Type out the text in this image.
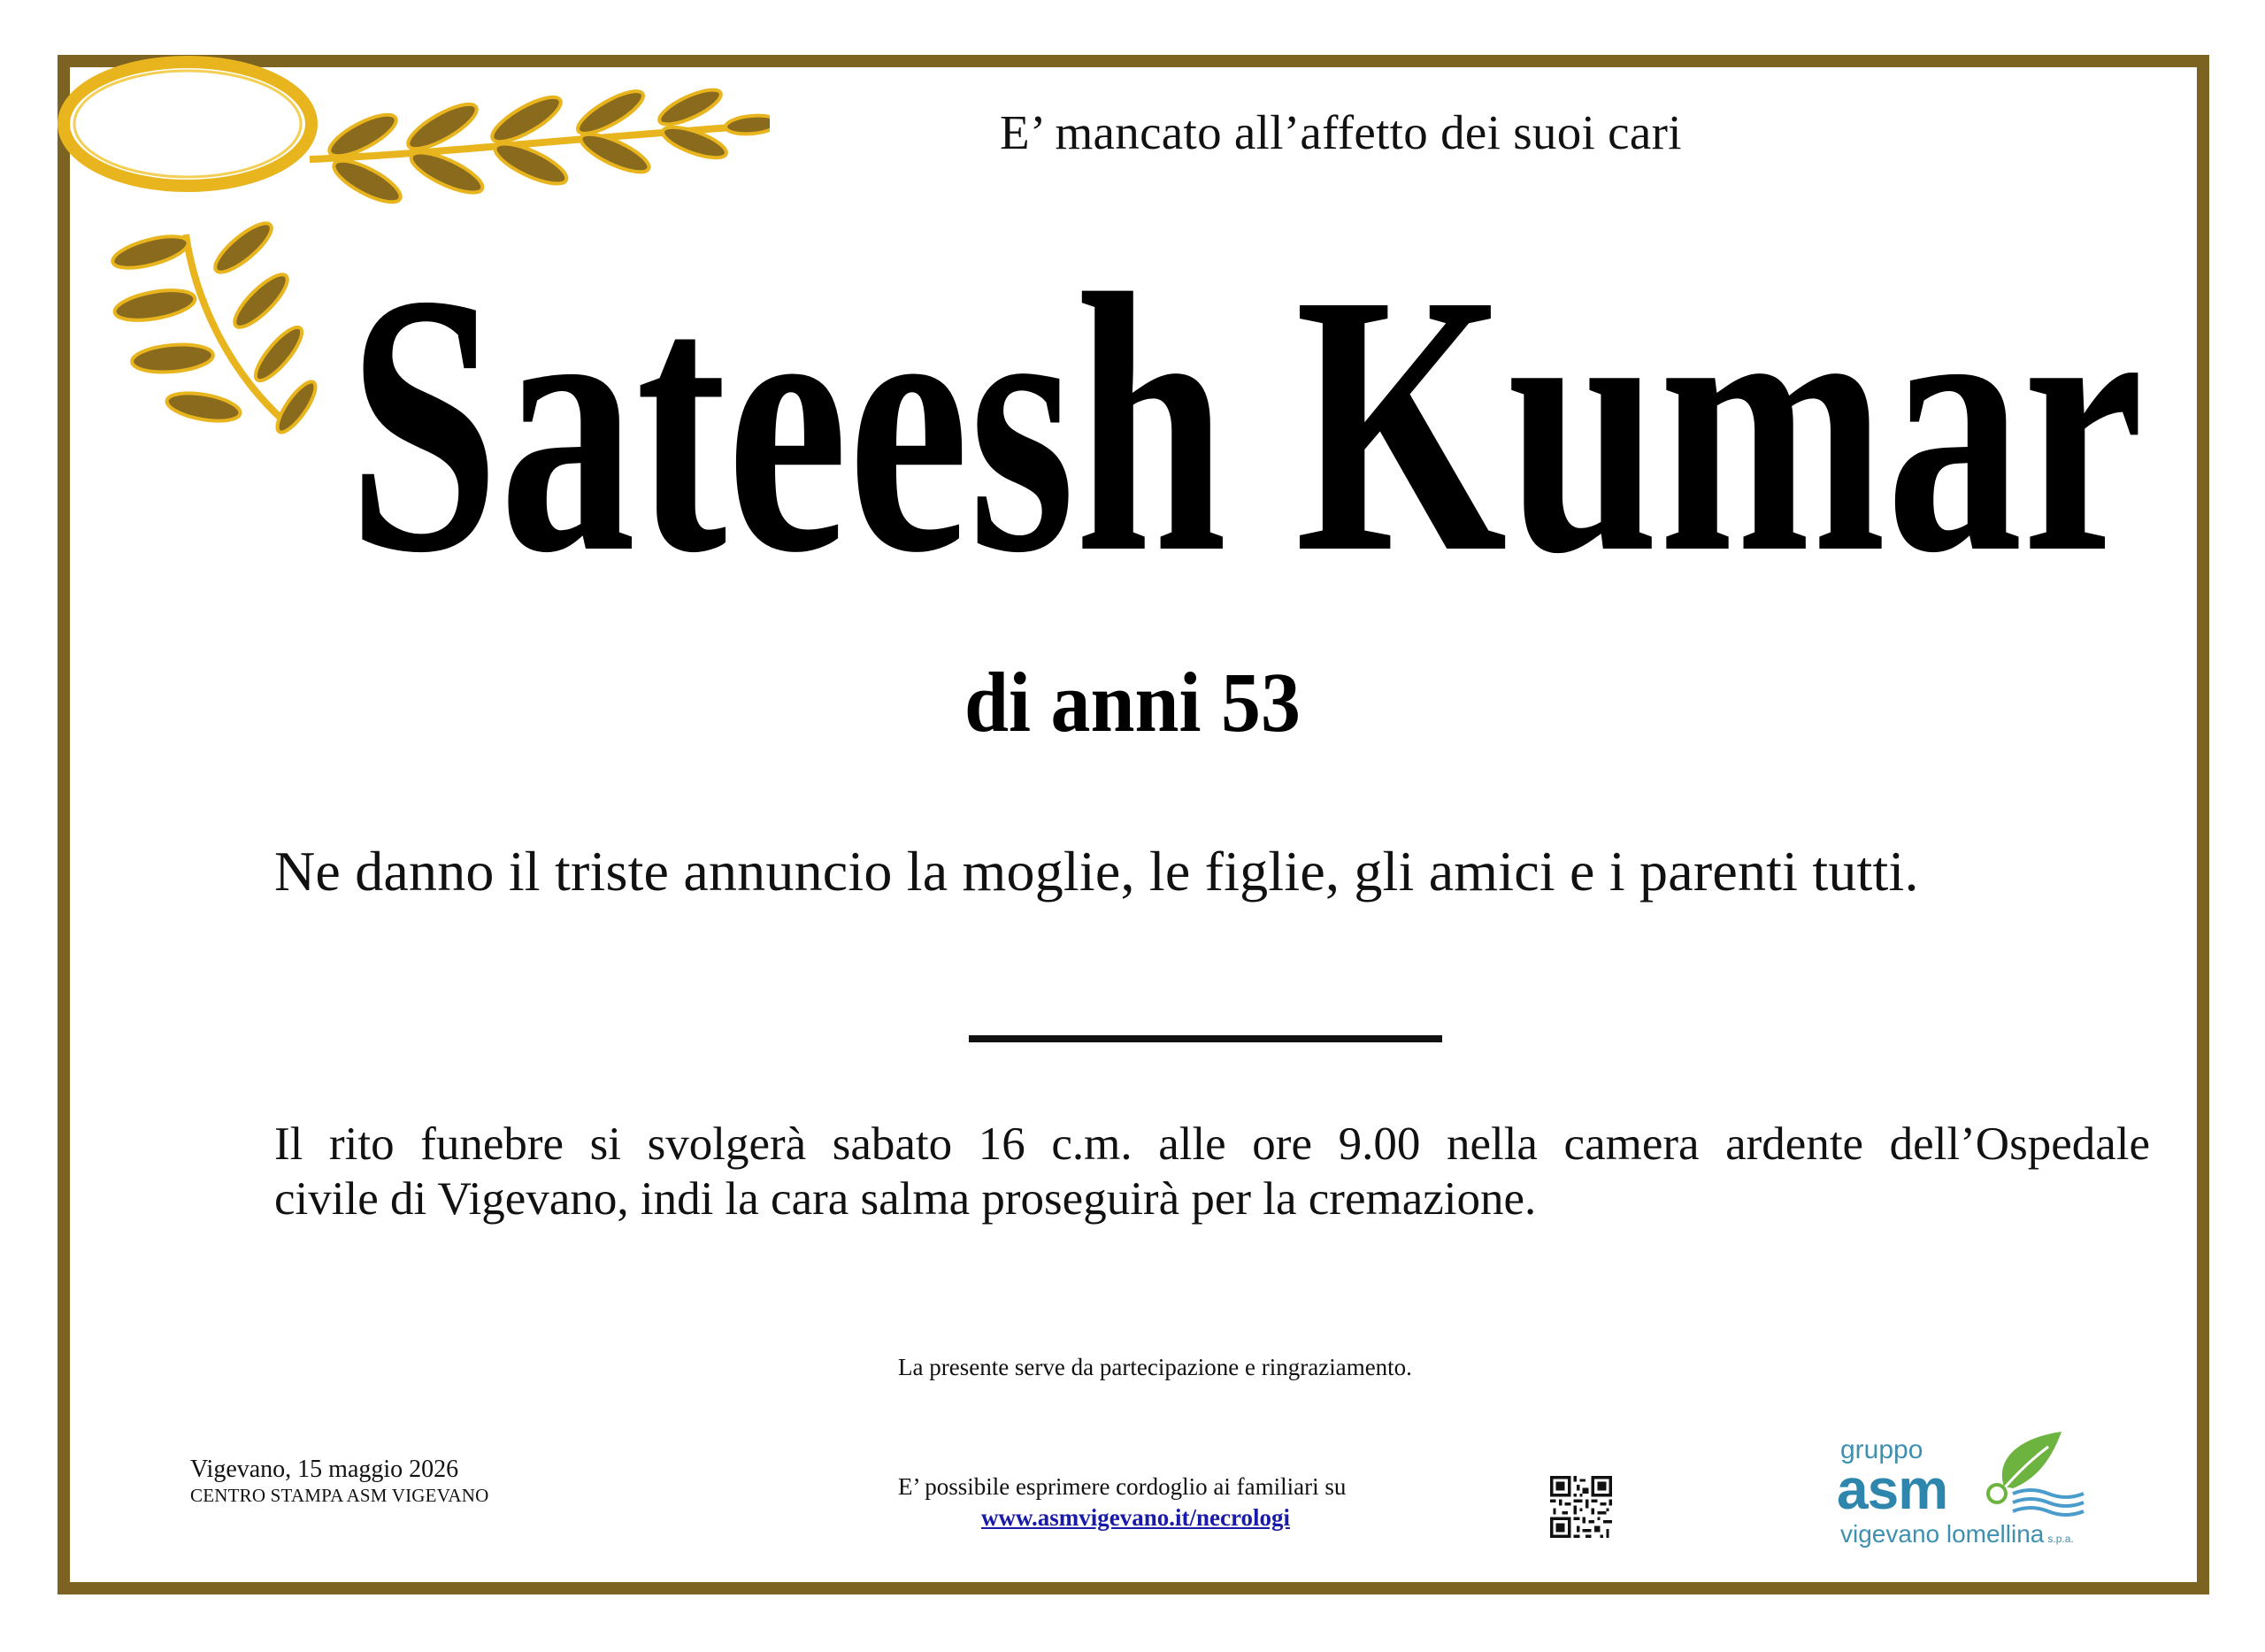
E’ mancato all’affetto dei suoi cari
Sateesh Kumar
di anni 53
Ne danno il triste annuncio la moglie, le figlie, gli amici e i parenti tutti.
Il rito funebre si svolgerà sabato 16 c.m. alle ore 9.00 nella camera ardente dell’Ospedale
civile di Vigevano, indi la cara salma proseguirà per la cremazione.
La presente serve da partecipazione e ringraziamento.
Vigevano, 15 maggio 2026
CENTRO STAMPA ASM VIGEVANO	E’ possibile esprimere cordoglio ai familiari su
www.asmvigevano.it/necrologi
gruppo
asm
vigevano lomellina s.p.a.
